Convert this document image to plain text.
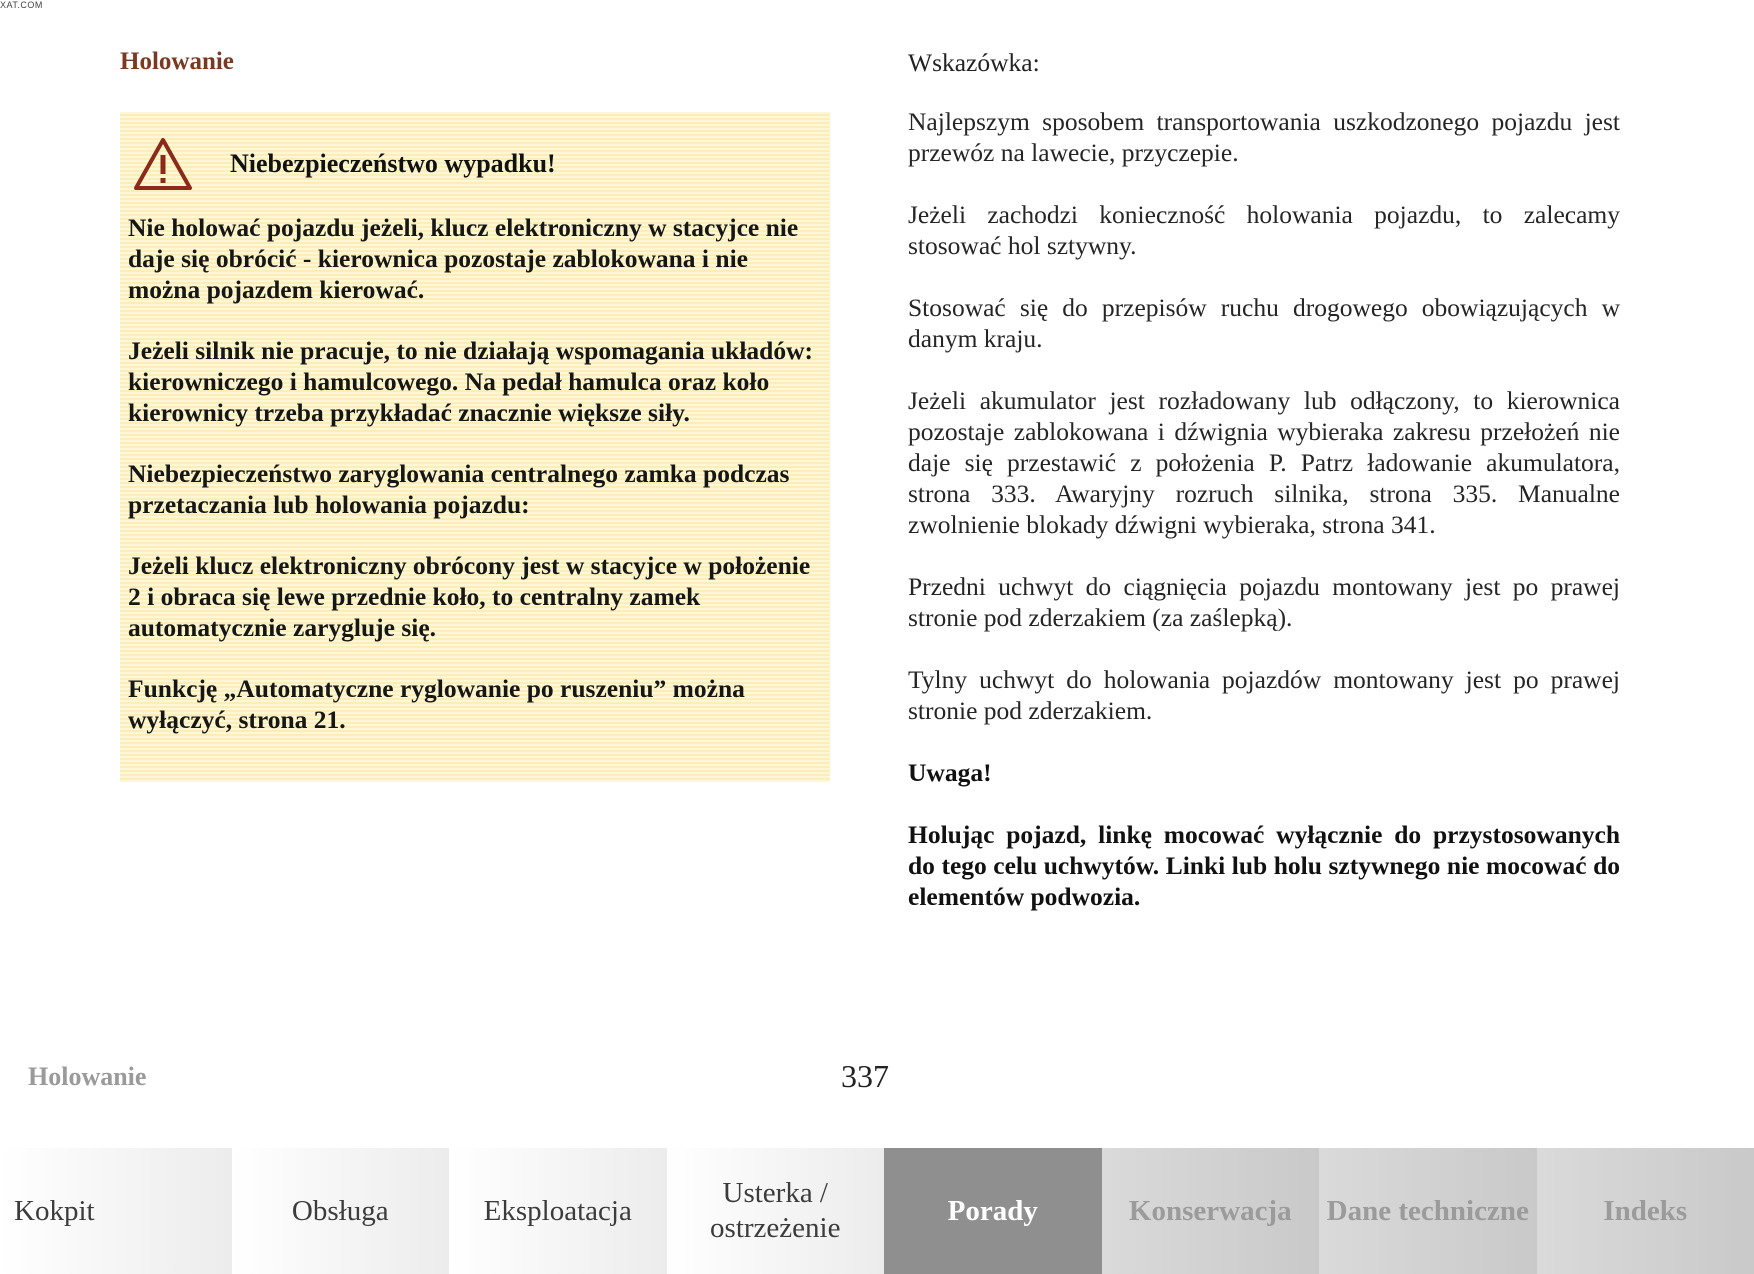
XAT.COM
Holowanie
Niebezpieczeństwo wypadku!

Nie holować pojazdu jeżeli, klucz elektroniczny w stacyjce nie daje się obrócić - kierownica pozostaje zablokowana i nie można pojazdem kierować.

Jeżeli silnik nie pracuje, to nie działają wspomagania układów: kierowniczego i hamulcowego. Na pedał hamulca oraz koło kierownicy trzeba przykładać znacznie większe siły.

Niebezpieczeństwo zaryglowania centralnego zamka podczas przetaczania lub holowania pojazdu:

Jeżeli klucz elektroniczny obrócony jest w stacyjce w położenie 2 i obraca się lewe przednie koło, to centralny zamek automatycznie zarygluje się.

Funkcję „Automatyczne ryglowanie po ruszeniu” można wyłączyć, strona 21.

Wskazówka:

Najlepszym sposobem transportowania uszkodzonego pojazdu jest przewóz na lawecie, przyczepie.

Jeżeli zachodzi konieczność holowania pojazdu, to zalecamy stosować hol sztywny.

Stosować się do przepisów ruchu drogowego obowiązujących w danym kraju.

Jeżeli akumulator jest rozładowany lub odłączony, to kierownica pozostaje zablokowana i dźwignia wybieraka zakresu przełożeń nie daje się przestawić z położenia P. Patrz ładowanie akumulatora, strona 333. Awaryjny rozruch silnika, strona 335. Manualne zwolnienie blokady dźwigni wybieraka, strona 341.

Przedni uchwyt do ciągnięcia pojazdu montowany jest po prawej stronie pod zderzakiem (za zaślepką).

Tylny uchwyt do holowania pojazdów montowany jest po prawej stronie pod zderzakiem.

Uwaga!

Holując pojazd, linkę mocować wyłącznie do przystosowanych do tego celu uchwytów. Linki lub holu sztywnego nie mocować do elementów podwozia.

Holowanie	337
Kokpit	Obsługa	Eksploatacja
Usterka / ostrzeżenie
Porady	Konserwacja	Dane techniczne	Indeks
